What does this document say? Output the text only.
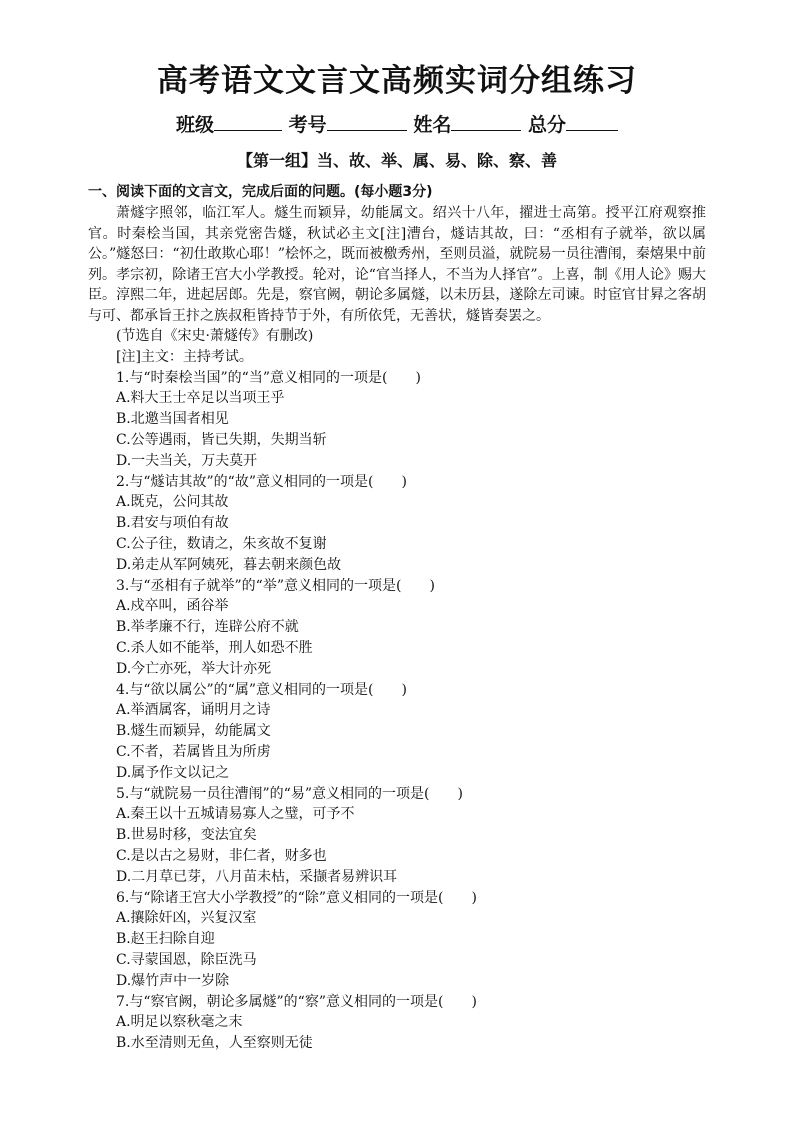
高考语文文言文高频实词分组练习
班级	考号	姓名	总分
【第一组】当、故、举、属、易、除、察、善
一、阅读下面的文言文，完成后面的问题。(每小题3分)

萧燧字照邻，临江军人。燧生而颖异，幼能属文。绍兴十八年，擢进士高第。授平江府观察推官。时秦桧当国，其亲党密告燧，秋试必主文[注]漕台，燧诘其故，曰：“丞相有子就举，欲以属公。”燧怒曰：“初仕敢欺心耶！”桧怀之，既而被檄秀州，至则员溢，就院易一员往漕闱，秦熺果中前列。孝宗初，除诸王宫大小学教授。轮对，论“官当择人，不当为人择官”。上喜，制《用人论》赐大臣。淳熙二年，进起居郎。先是，察官阙，朝论多属燧，以未历县，遂除左司谏。时宦官甘昪之客胡与可、都承旨王抃之族叔秬皆持节于外，有所依凭，无善状，燧皆奏罢之。

(节选自《宋史·萧燧传》有删改)

[注]主文：主持考试。

1.与“时秦桧当国”的“当”意义相同的一项是(　　)

A.料大王士卒足以当项王乎

B.北邀当国者相见

C.公等遇雨，皆已失期，失期当斩

D.一夫当关，万夫莫开

2.与“燧诘其故”的“故”意义相同的一项是(　　)

A.既克，公问其故

B.君安与项伯有故

C.公子往，数请之，朱亥故不复谢

D.弟走从军阿姨死，暮去朝来颜色故

3.与“丞相有子就举”的“举”意义相同的一项是(　　)

A.戍卒叫，函谷举

B.举孝廉不行，连辟公府不就

C.杀人如不能举，刑人如恐不胜

D.今亡亦死，举大计亦死

4.与“欲以属公”的“属”意义相同的一项是(　　)

A.举酒属客，诵明月之诗

B.燧生而颖异，幼能属文

C.不者，若属皆且为所虏

D.属予作文以记之

5.与“就院易一员往漕闱”的“易”意义相同的一项是(　　)

A.秦王以十五城请易寡人之璧，可予不

B.世易时移，变法宜矣

C.是以古之易财，非仁者，财多也

D.二月草已芽，八月苗未枯，采撷者易辨识耳

6.与“除诸王宫大小学教授”的“除”意义相同的一项是(　　)

A.攘除奸凶，兴复汉室

B.赵王扫除自迎

C.寻蒙国恩，除臣洗马

D.爆竹声中一岁除

7.与“察官阙，朝论多属燧”的“察”意义相同的一项是(　　)

A.明足以察秋毫之末

B.水至清则无鱼，人至察则无徒
